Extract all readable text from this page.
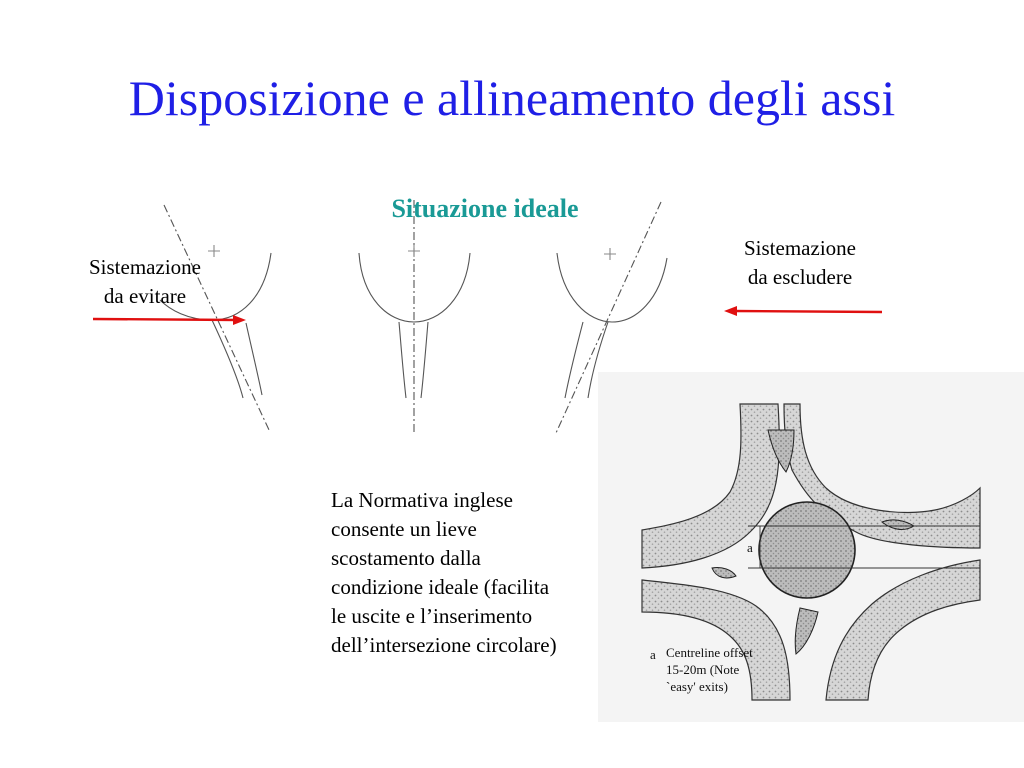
Disposizione e allineamento degli assi
a
a Centreline offset
15-20m (Note
`easy' exits)
Situazione ideale
Sistemazione
da evitare
Sistemazione
da escludere
La Normativa inglese
consente un lieve
scostamento dalla
condizione ideale (facilita
le uscite e l’inserimento
dell’intersezione circolare)
